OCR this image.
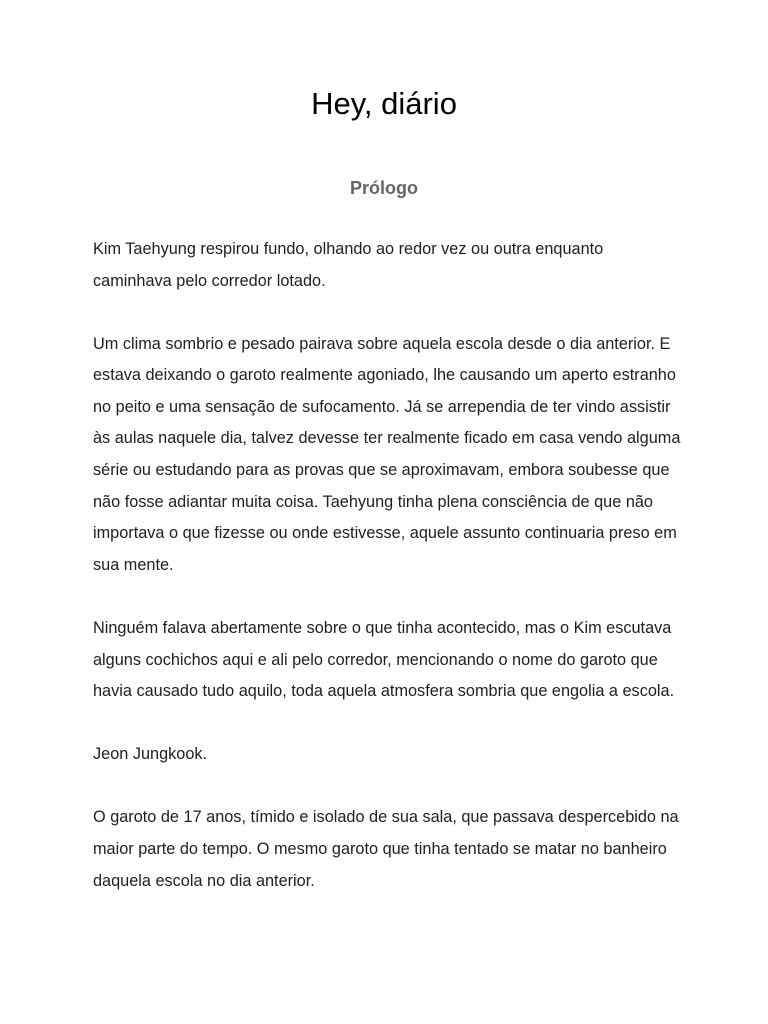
Hey, diário
Prólogo

Kim Taehyung respirou fundo, olhando ao redor vez ou outra enquanto caminhava pelo corredor lotado.

Um clima sombrio e pesado pairava sobre aquela escola desde o dia anterior. E estava deixando o garoto realmente agoniado, lhe causando um aperto estranho no peito e uma sensação de sufocamento. Já se arrependia de ter vindo assistir às aulas naquele dia, talvez devesse ter realmente ficado em casa vendo alguma série ou estudando para as provas que se aproximavam, embora soubesse que não fosse adiantar muita coisa. Taehyung tinha plena consciência de que não importava o que fizesse ou onde estivesse, aquele assunto continuaria preso em sua mente.

Ninguém falava abertamente sobre o que tinha acontecido, mas o Kim escutava alguns cochichos aqui e ali pelo corredor, mencionando o nome do garoto que havia causado tudo aquilo, toda aquela atmosfera sombria que engolia a escola.

Jeon Jungkook.

O garoto de 17 anos, tímido e isolado de sua sala, que passava despercebido na maior parte do tempo. O mesmo garoto que tinha tentado se matar no banheiro daquela escola no dia anterior.
